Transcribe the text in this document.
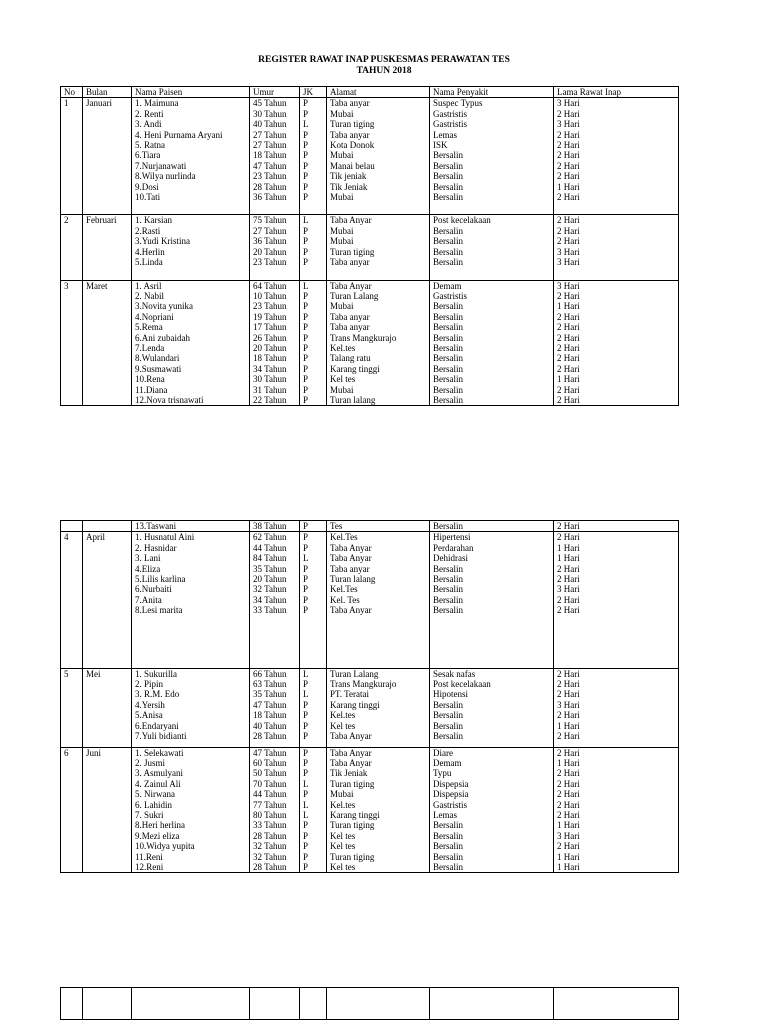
REGISTER RAWAT INAP PUSKESMAS PERAWATAN TES
TAHUN 2018
No	Bulan	Nama Paisen	Umur	JK	Alamat	Nama Penyakit	Lama Rawat Inap
1	Januari	1. Maimuna	45 Tahun	P	Taba anyar	Suspec Typus	3 Hari
		2. Renti	30 Tahun	P	Mubai	Gastristis	2 Hari
		3. Andi	40 Tahun	L	Turan tiging	Gastristis	3 Hari
		4. Heni Purnama Aryani	27 Tahun	P	Taba anyar	Lemas	2 Hari
		5. Ratna	27 Tahun	P	Kota Donok	ISK	2 Hari
		6.Tiara	18 Tahun	P	Mubai	Bersalin	2 Hari
		7.Nurjanawati	47 Tahun	P	Manai belau	Bersalin	2 Hari
		8.Wilya nurlinda	23 Tahun	P	Tik jeniak	Bersalin	2 Hari
		9.Dosi	28 Tahun	P	Tik Jeniak	Bersalin	1 Hari
		10.Tati	36 Tahun	P	Mubai	Bersalin	2 Hari

2	Februari	1. Karsian	75 Tahun	L	Taba Anyar	Post kecelakaan	2 Hari
		2.Rasti	27 Tahun	P	Mubai	Bersalin	2 Hari
		3.Yudi Kristina	36 Tahun	P	Mubai	Bersalin	2 Hari
		4.Herlin	20 Tahun	P	Turan tiging	Bersalin	3 Hari
		5.Linda	23 Tahun	P	Taba anyar	Bersalin	3 Hari

3	Maret	1. Asril	64 Tahun	L	Taba Anyar	Demam	3 Hari
		2. Nabil	10 Tahun	P	Turan Lalang	Gastristis	2 Hari
		3.Novita yunika	23 Tahun	P	Mubai	Bersalin	1 Hari
		4.Nopriani	19 Tahun	P	Taba anyar	Bersalin	2 Hari
		5.Rema	17 Tahun	P	Taba anyar	Bersalin	2 Hari
		6.Ani zubaidah	26 Tahun	P	Trans Mangkurajo	Bersalin	2 Hari
		7.Lenda	20 Tahun	P	Kel.tes	Bersalin	2 Hari
		8.Wulandari	18 Tahun	P	Talang ratu	Bersalin	2 Hari
		9.Susmawati	34 Tahun	P	Karang tinggi	Bersalin	2 Hari
		10.Rena	30 Tahun	P	Kel tes	Bersalin	1 Hari
		11.Diana	31 Tahun	P	Mubai	Bersalin	2 Hari
		12.Nova trisnawati	22 Tahun	P	Turan lalang	Bersalin	2 Hari
		13.Taswani	38 Tahun	P	Tes	Bersalin	2 Hari
4	April	1. Husnatul Aini	62 Tahun	P	Kel.Tes	Hipertensi	2 Hari
		2. Hasnidar	44 Tahun	P	Taba Anyar	Perdarahan	1 Hari
		3. Lani	84 Tahun	L	Taba Anyar	Dehidrasi	1 Hari
		4.Eliza	35 Tahun	P	Taba anyar	Bersalin	2 Hari
		5.Lilis karlina	20 Tahun	P	Turan lalang	Bersalin	2 Hari
		6.Nurbaiti	32 Tahun	P	Kel.Tes	Bersalin	3 Hari
		7.Anita	34 Tahun	P	Kel. Tes	Bersalin	2 Hari
		8.Lesi marita	33 Tahun	P	Taba Anyar	Bersalin	2 Hari

5	Mei	1. Sukurilla	66 Tahun	L	Turan Lalang	Sesak nafas	2 Hari
		2. Pipin	63 Tahun	P	Trans Mangkurajo	Post kecelakaan	2 Hari
		3. R.M. Edo	35 Tahun	L	PT. Teratai	Hipotensi	2 Hari
		4.Yersih	47 Tahun	P	Karang tinggi	Bersalin	3 Hari
		5.Anisa	18 Tahun	P	Kel.tes	Bersalin	2 Hari
		6.Endaryani	40 Tahun	P	Kel tes	Bersalin	1 Hari
		7.Yuli bidianti	28 Tahun	P	Taba Anyar	Bersalin	2 Hari

6	Juni	1. Selekawati	47 Tahun	P	Taba Anyar	Diare	2 Hari
		2. Jusmi	60 Tahun	P	Taba Anyar	Demam	1 Hari
		3. Asmulyani	50 Tahun	P	Tik Jeniak	Typu	2 Hari
		4. Zainul Ali	70 Tahun	L	Turan tiging	Dispepsia	2 Hari
		5. Nirwana	44 Tahun	P	Mubai	Dispepsia	2 Hari
		6. Lahidin	77 Tahun	L	Kel.tes	Gastristis	2 Hari
		7. Sukri	80 Tahun	L	Karang tinggi	Lemas	2 Hari
		8.Heri herlina	33 Tahun	P	Turan tiging	Bersalin	1 Hari
		9.Mezi eliza	28 Tahun	P	Kel tes	Bersalin	3 Hari
		10.Widya yupita	32 Tahun	P	Kel tes	Bersalin	2 Hari
		11.Reni	32 Tahun	P	Turan tiging	Bersalin	1 Hari
		12.Reni	28 Tahun	P	Kel tes	Bersalin	1 Hari
